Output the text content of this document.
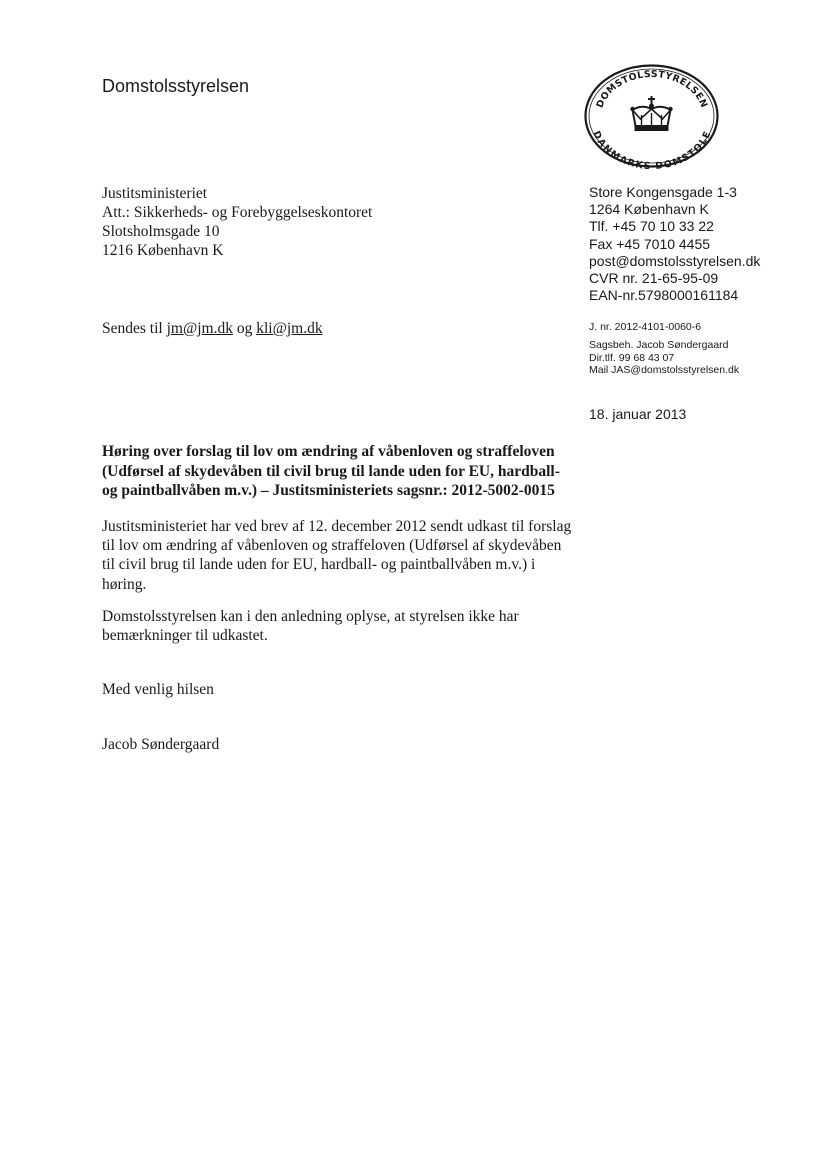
Domstolsstyrelsen
DOMSTOLSSTYRELSEN
DANMARKS DOMSTOLE
Justitsministeriet
Att.: Sikkerheds- og Forebyggelseskontoret
Slotsholmsgade 10
1216 København K
Store Kongensgade 1-3
1264 København K
Tlf. +45 70 10 33 22
Fax +45 7010 4455
post@domstolsstyrelsen.dk
CVR nr. 21-65-95-09
EAN-nr.5798000161184
Sendes til jm@jm.dk og kli@jm.dk	J. nr. 2012-4101-0060-6
Sagsbeh. Jacob Søndergaard
Dir.tlf. 99 68 43 07
Mail JAS@domstolsstyrelsen.dk
18. januar 2013
Høring over forslag til lov om ændring af våbenloven og straffeloven
(Udførsel af skydevåben til civil brug til lande uden for EU, hardball-
og paintballvåben m.v.) – Justitsministeriets sagsnr.: 2012-5002-0015
Justitsministeriet har ved brev af 12. december 2012 sendt udkast til forslag
til lov om ændring af våbenloven og straffeloven (Udførsel af skydevåben
til civil brug til lande uden for EU, hardball- og paintballvåben m.v.) i
høring.
Domstolsstyrelsen kan i den anledning oplyse, at styrelsen ikke har
bemærkninger til udkastet.
Med venlig hilsen
Jacob Søndergaard
